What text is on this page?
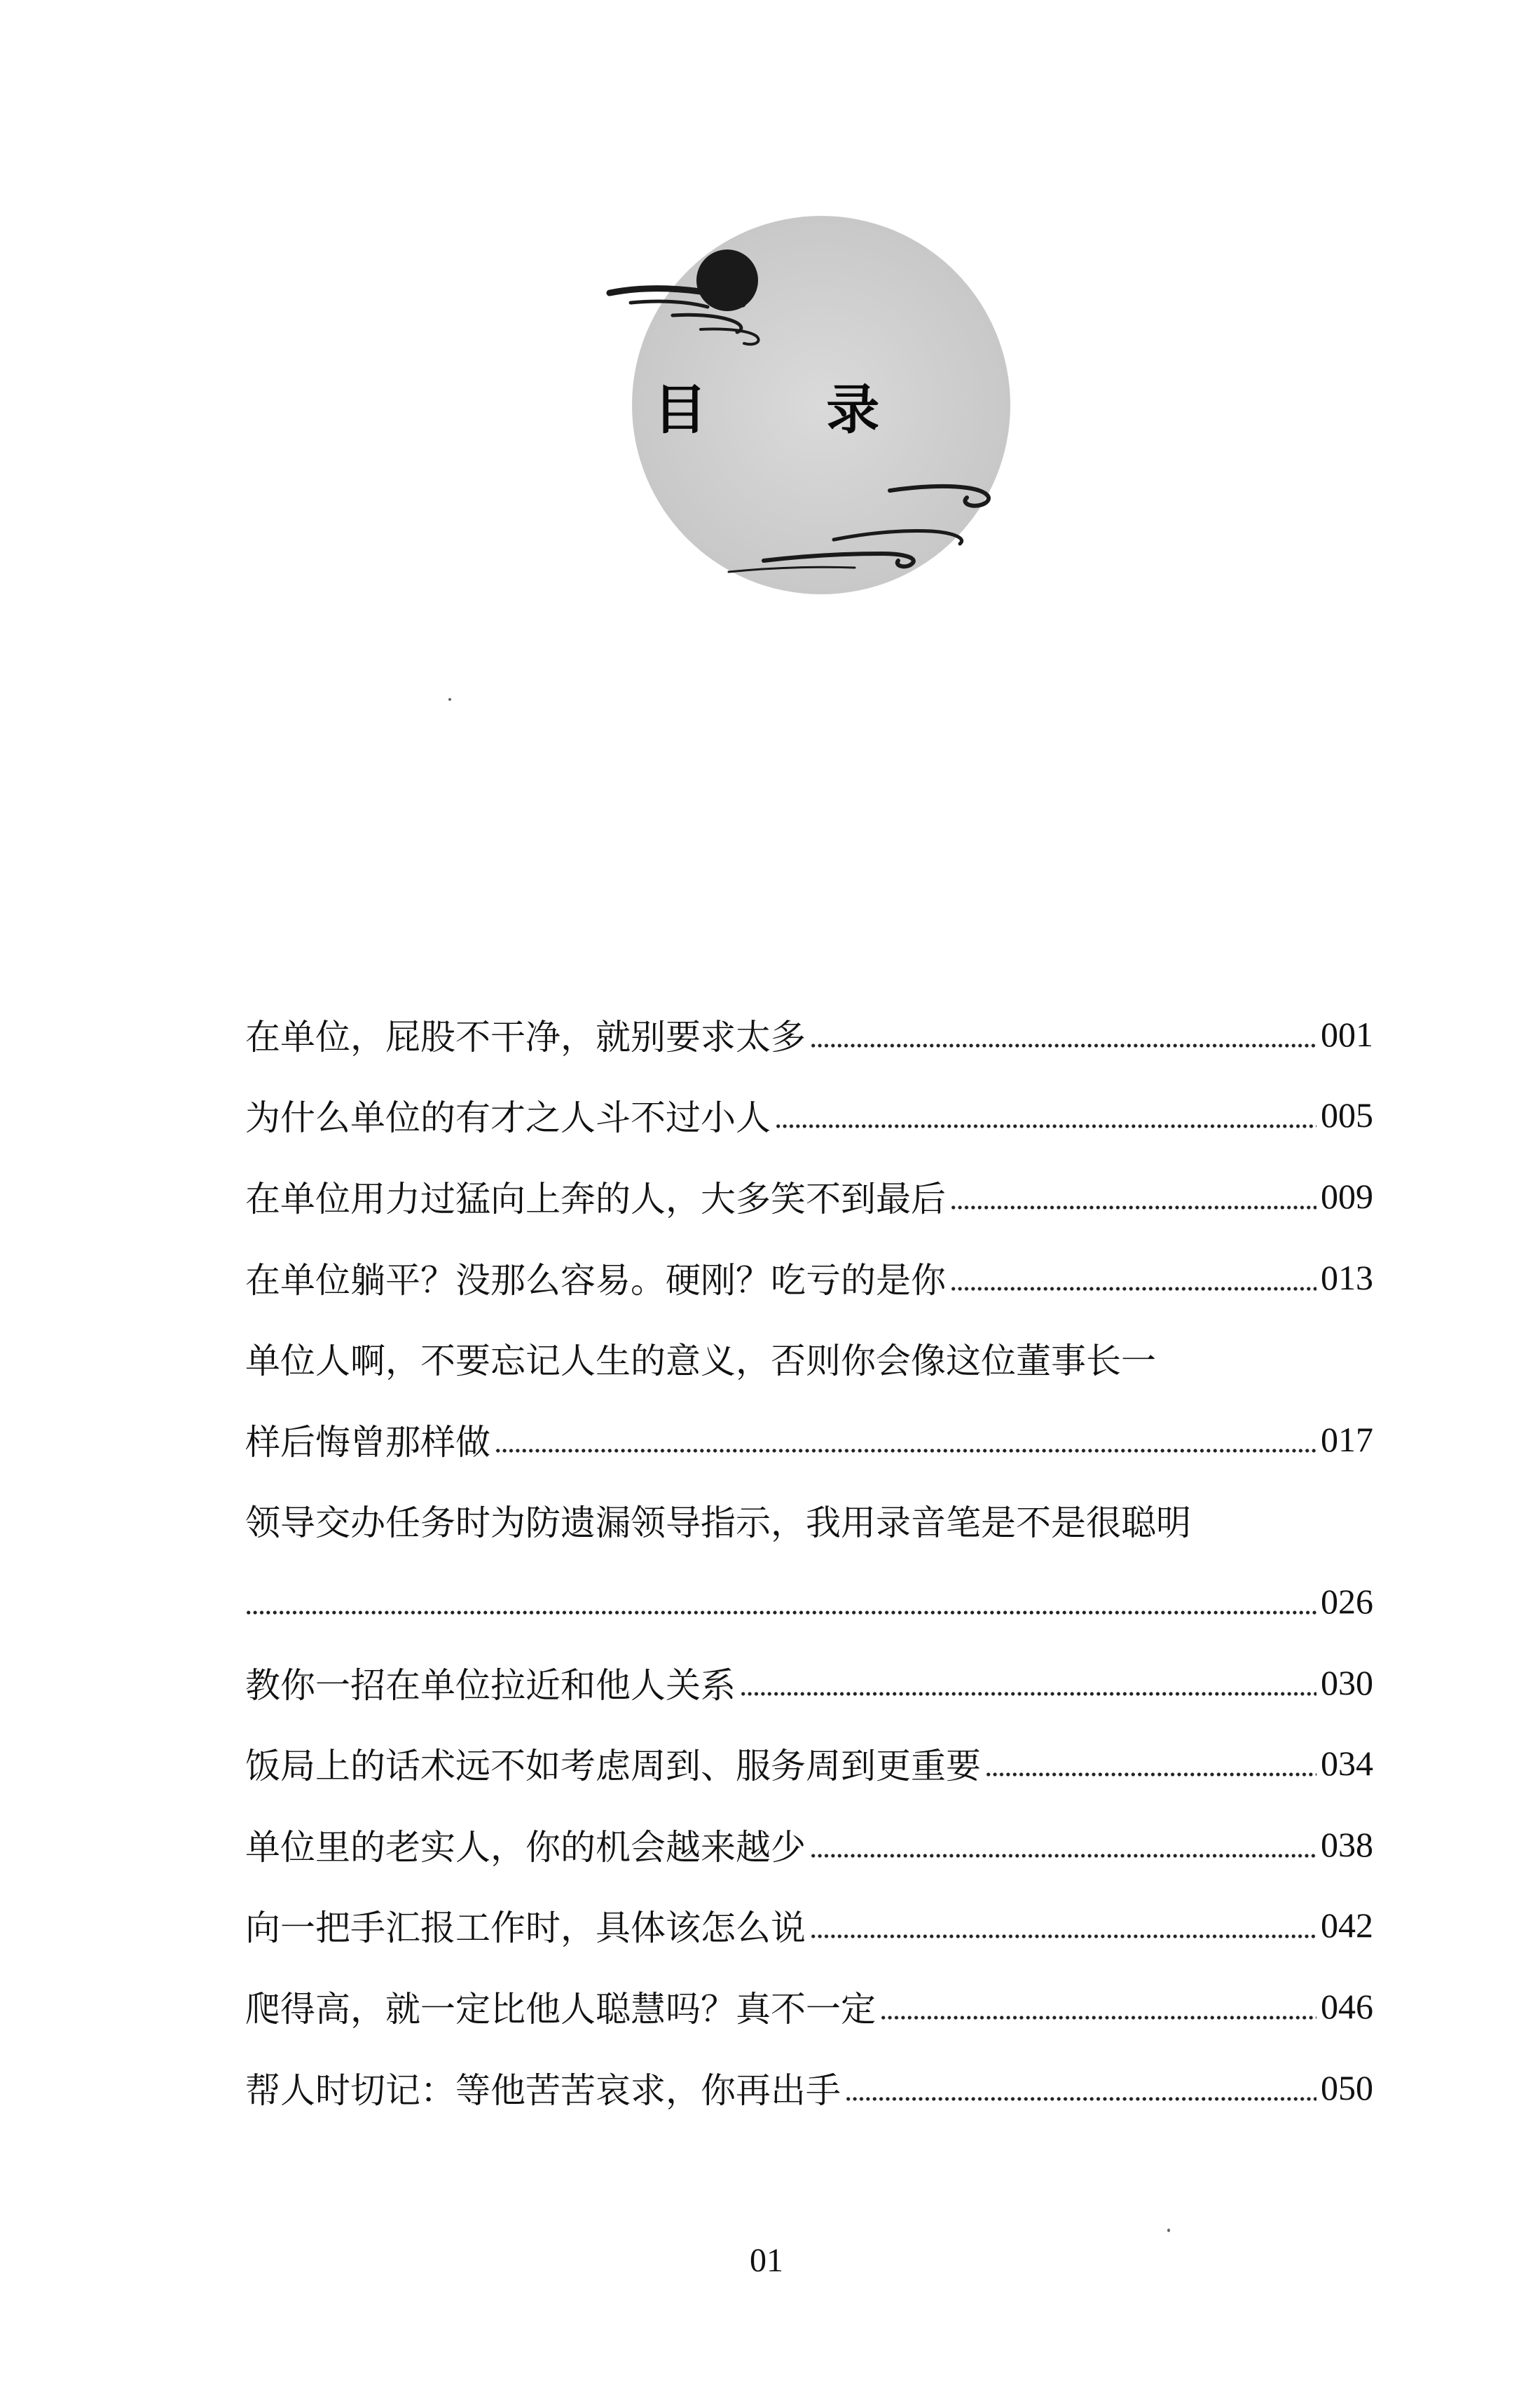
目 录
在单位，屁股不干净，就别要求太多	001
为什么单位的有才之人斗不过小人	005
在单位用力过猛向上奔的人，大多笑不到最后	009
在单位躺平？没那么容易。硬刚？吃亏的是你	013
单位人啊，不要忘记人生的意义，否则你会像这位董事长一
样后悔曾那样做	017
领导交办任务时为防遗漏领导指示，我用录音笔是不是很聪明
026
教你一招在单位拉近和他人关系	030
饭局上的话术远不如考虑周到、服务周到更重要	034
单位里的老实人，你的机会越来越少	038
向一把手汇报工作时，具体该怎么说	042
爬得高，就一定比他人聪慧吗？真不一定	046
帮人时切记：等他苦苦哀求，你再出手	050
01
